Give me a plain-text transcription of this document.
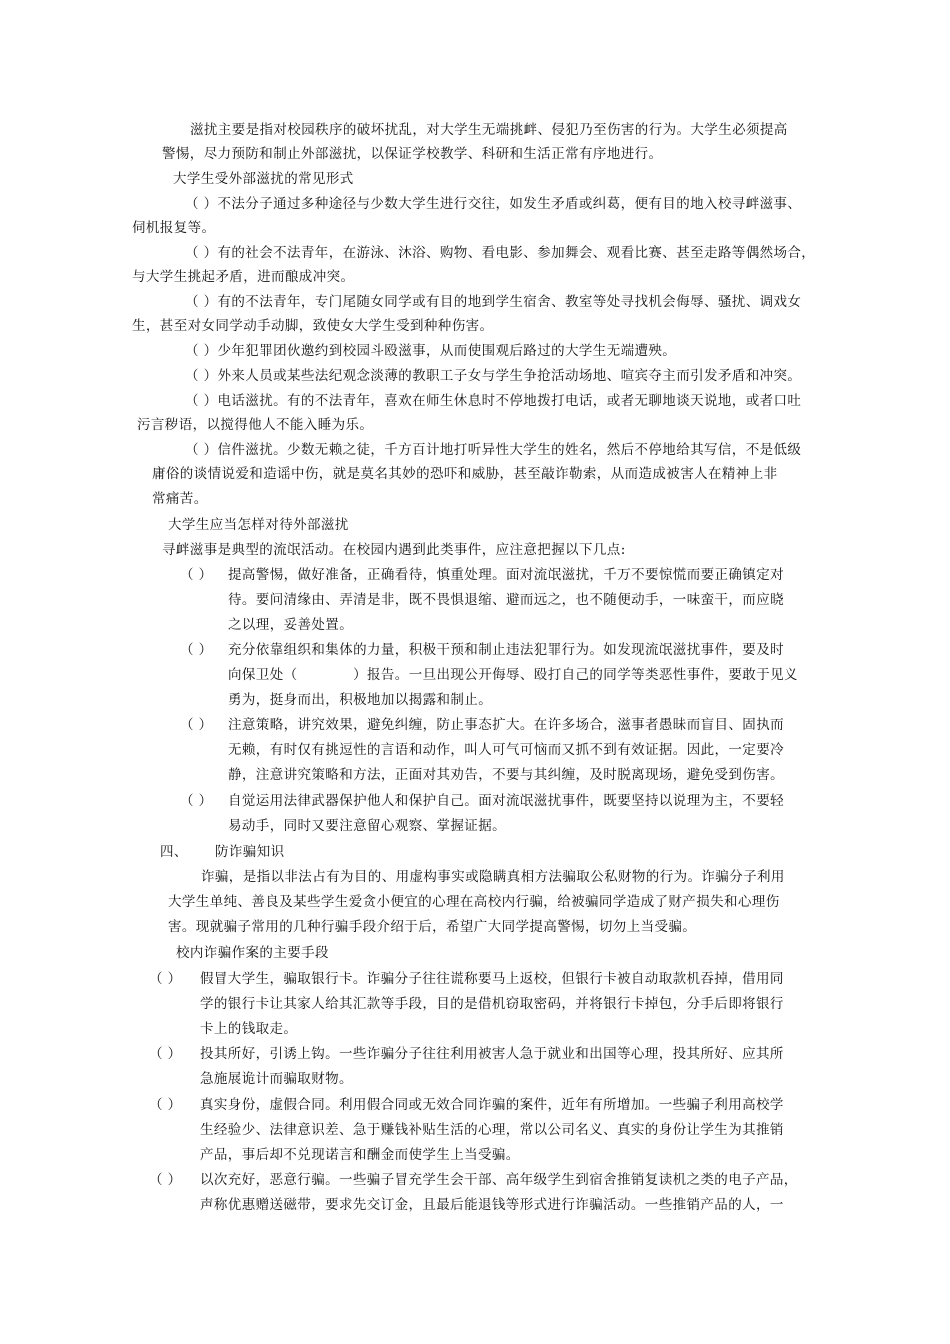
滋扰主要是指对校园秩序的破坏扰乱，对大学生无端挑衅、侵犯乃至伤害的行为。大学生必须提高
警惕，尽力预防和制止外部滋扰，以保证学校教学、科研和生活正常有序地进行。
大学生受外部滋扰的常见形式
（ ）不法分子通过多种途径与少数大学生进行交往，如发生矛盾或纠葛，便有目的地入校寻衅滋事、
伺机报复等。
（ ）有的社会不法青年，在游泳、沐浴、购物、看电影、参加舞会、观看比赛、甚至走路等偶然场合，
与大学生挑起矛盾，进而酿成冲突。
（ ）有的不法青年，专门尾随女同学或有目的地到学生宿舍、教室等处寻找机会侮辱、骚扰、调戏女
生，甚至对女同学动手动脚，致使女大学生受到种种伤害。
（ ）少年犯罪团伙邀约到校园斗殴滋事，从而使围观后路过的大学生无端遭殃。
（ ）外来人员或某些法纪观念淡薄的教职工子女与学生争抢活动场地、喧宾夺主而引发矛盾和冲突。
（ ）电话滋扰。有的不法青年，喜欢在师生休息时不停地拨打电话，或者无聊地谈天说地，或者口吐
污言秽语，以搅得他人不能入睡为乐。
（ ）信件滋扰。少数无赖之徒，千方百计地打听异性大学生的姓名，然后不停地给其写信，不是低级
庸俗的谈情说爱和造谣中伤，就是莫名其妙的恐吓和威胁，甚至敲诈勒索，从而造成被害人在精神上非
常痛苦。
大学生应当怎样对待外部滋扰
寻衅滋事是典型的流氓活动。在校园内遇到此类事件，应注意把握以下几点:
（ ） 提高警惕，做好准备，正确看待，慎重处理。面对流氓滋扰，千万不要惊慌而要正确镇定对
待。要问清缘由、弄清是非，既不畏惧退缩、避而远之，也不随便动手，一味蛮干，而应晓
之以理，妥善处置。
（ ） 充分依靠组织和集体的力量，积极干预和制止违法犯罪行为。如发现流氓滋扰事件，要及时
向保卫处（　　　　）报告。一旦出现公开侮辱、殴打自己的同学等类恶性事件，要敢于见义
勇为，挺身而出，积极地加以揭露和制止。
（ ） 注意策略，讲究效果，避免纠缠，防止事态扩大。在许多场合，滋事者愚昧而盲目、固执而
无赖，有时仅有挑逗性的言语和动作，叫人可气可恼而又抓不到有效证据。因此，一定要冷
静，注意讲究策略和方法，正面对其劝告，不要与其纠缠，及时脱离现场，避免受到伤害。
（ ） 自觉运用法律武器保护他人和保护自己。面对流氓滋扰事件，既要坚持以说理为主，不要轻
易动手，同时又要注意留心观察、掌握证据。
四、 防诈骗知识
诈骗，是指以非法占有为目的、用虚构事实或隐瞒真相方法骗取公私财物的行为。诈骗分子利用
大学生单纯、善良及某些学生爱贪小便宜的心理在高校内行骗，给被骗同学造成了财产损失和心理伤
害。现就骗子常用的几种行骗手段介绍于后，希望广大同学提高警惕，切勿上当受骗。
校内诈骗作案的主要手段
（ ） 假冒大学生，骗取银行卡。诈骗分子往往谎称要马上返校，但银行卡被自动取款机吞掉，借用同
学的银行卡让其家人给其汇款等手段，目的是借机窃取密码，并将银行卡掉包，分手后即将银行
卡上的钱取走。
（ ） 投其所好，引诱上钩。一些诈骗分子往往利用被害人急于就业和出国等心理，投其所好、应其所
急施展诡计而骗取财物。
（ ） 真实身份，虚假合同。利用假合同或无效合同诈骗的案件，近年有所增加。一些骗子利用高校学
生经验少、法律意识差、急于赚钱补贴生活的心理，常以公司名义、真实的身份让学生为其推销
产品，事后却不兑现诺言和酬金而使学生上当受骗。
（ ） 以次充好，恶意行骗。一些骗子冒充学生会干部、高年级学生到宿舍推销复读机之类的电子产品，
声称优惠赠送磁带，要求先交订金，且最后能退钱等形式进行诈骗活动。一些推销产品的人，一
